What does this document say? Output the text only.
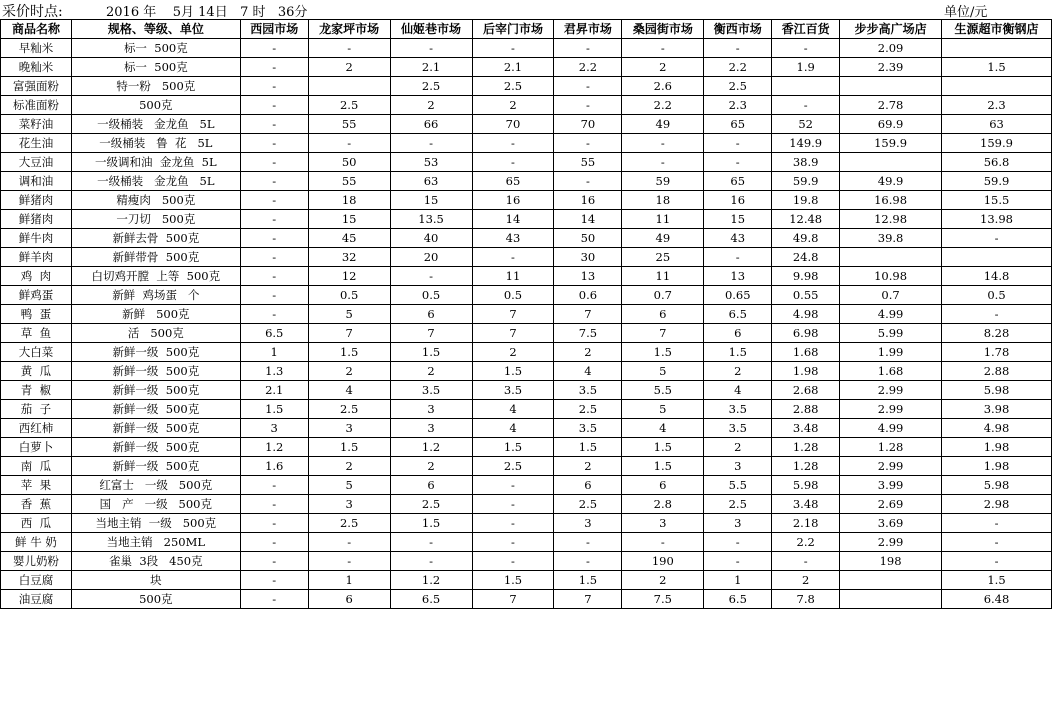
采价时点:	2016 年    5月 14日   7 时   36分	单位/元
商品名称	规格、等级、单位	西园市场	龙家坪市场	仙姬巷市场	后宰门市场	君昇市场	桑园街市场	衡西市场	香江百货	步步高广场店	生源超市衡钢店
早籼米	标一  500克	-	-	-	-	-	-	-	-	2.09	
晚籼米	标一  500克	-	2	2.1	2.1	2.2	2	2.2	1.9	2.39	1.5
富强面粉	特一粉   500克	-		2.5	2.5	-	2.6	2.5			
标准面粉	500克	-	2.5	2	2	-	2.2	2.3	-	2.78	2.3
菜籽油	一级桶装   金龙鱼   5L	-	55	66	70	70	49	65	52	69.9	63
花生油	一级桶装   鲁  花   5L	-	-	-	-	-	-	-	149.9	159.9	159.9
大豆油	一级调和油  金龙鱼  5L	-	50	53	-	55	-	-	38.9		56.8
调和油	一级桶装   金龙鱼   5L	-	55	63	65	-	59	65	59.9	49.9	59.9
鲜猪肉	精瘦肉   500克	-	18	15	16	16	18	16	19.8	16.98	15.5
鲜猪肉	一刀切   500克	-	15	13.5	14	14	11	15	12.48	12.98	13.98
鲜牛肉	新鲜去骨  500克	-	45	40	43	50	49	43	49.8	39.8	-
鲜羊肉	新鲜带骨  500克	-	32	20	-	30	25	-	24.8		
鸡  肉	白切鸡开膛  上等  500克	-	12	-	11	13	11	13	9.98	10.98	14.8
鲜鸡蛋	新鲜  鸡场蛋   个	-	0.5	0.5	0.5	0.6	0.7	0.65	0.55	0.7	0.5
鸭  蛋	新鲜   500克	-	5	6	7	7	6	6.5	4.98	4.99	-
草  鱼	活   500克	6.5	7	7	7	7.5	7	6	6.98	5.99	8.28
大白菜	新鲜一级  500克	1	1.5	1.5	2	2	1.5	1.5	1.68	1.99	1.78
黄  瓜	新鲜一级  500克	1.3	2	2	1.5	4	5	2	1.98	1.68	2.88
青  椒	新鲜一级  500克	2.1	4	3.5	3.5	3.5	5.5	4	2.68	2.99	5.98
茄  子	新鲜一级  500克	1.5	2.5	3	4	2.5	5	3.5	2.88	2.99	3.98
西红柿	新鲜一级  500克	3	3	3	4	3.5	4	3.5	3.48	4.99	4.98
白萝卜	新鲜一级  500克	1.2	1.5	1.2	1.5	1.5	1.5	2	1.28	1.28	1.98
南  瓜	新鲜一级  500克	1.6	2	2	2.5	2	1.5	3	1.28	2.99	1.98
苹  果	红富士   一级   500克	-	5	6	-	6	6	5.5	5.98	3.99	5.98
香  蕉	国   产   一级   500克	-	3	2.5	-	2.5	2.8	2.5	3.48	2.69	2.98
西  瓜	当地主销  一级   500克	-	2.5	1.5	-	3	3	3	2.18	3.69	-
鲜 牛 奶	当地主销   250ML	-	-	-	-	-	-	-	2.2	2.99	-
婴儿奶粉	雀巢  3段   450克	-	-	-	-	-	190	-	-	198	-
白豆腐	块	-	1	1.2	1.5	1.5	2	1	2		1.5
油豆腐	500克	-	6	6.5	7	7	7.5	6.5	7.8		6.48
